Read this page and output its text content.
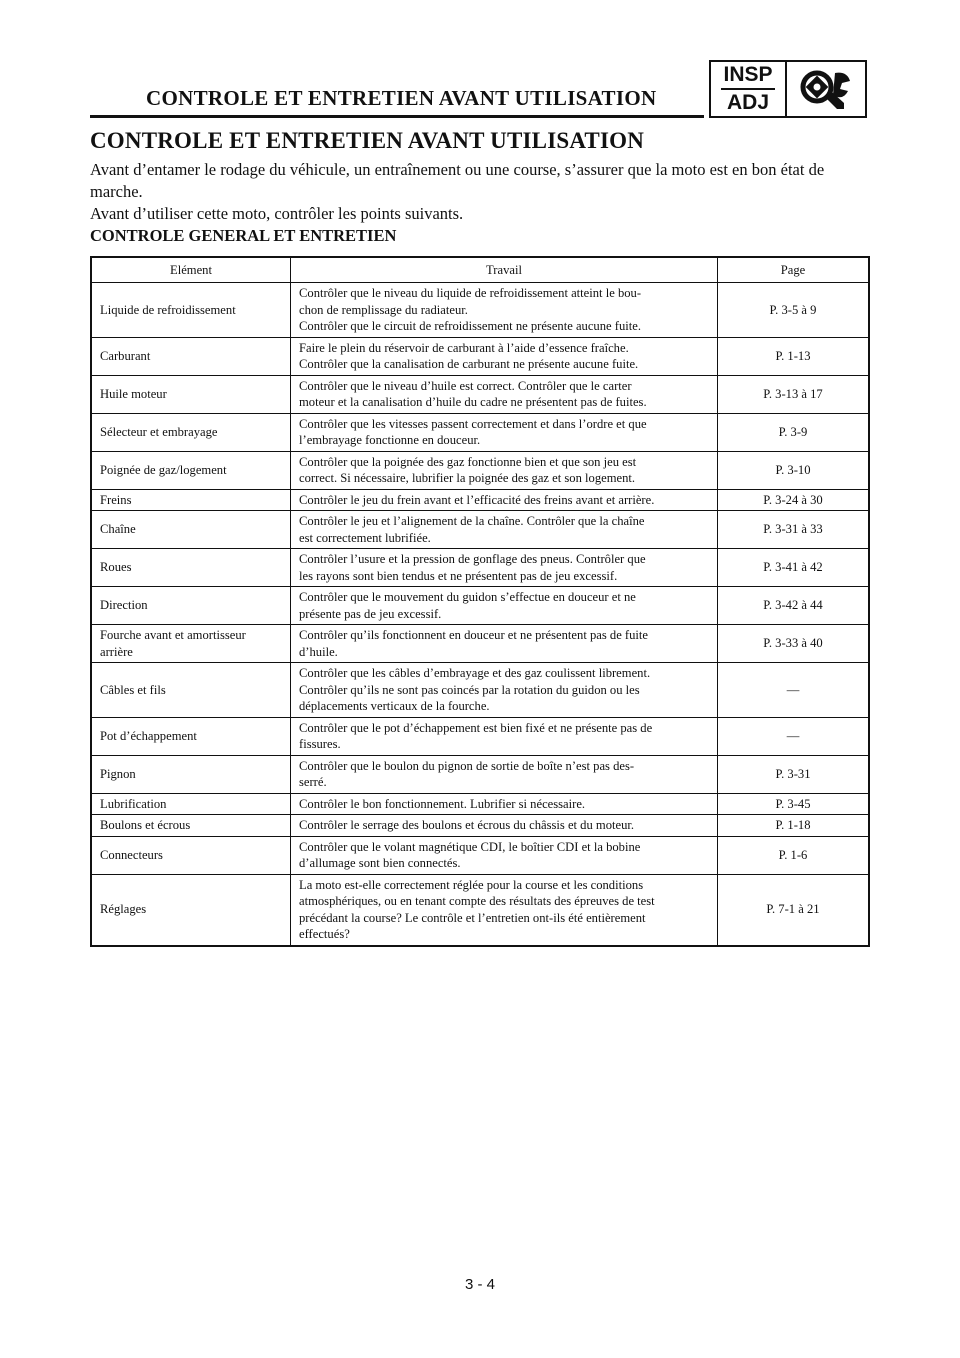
CONTROLE ET ENTRETIEN AVANT UTILISATION
INSP
ADJ
CONTROLE ET ENTRETIEN AVANT UTILISATION

Avant d’entamer le rodage du véhicule, un entraînement ou une course, s’assurer que la moto est en bon état de marche.

Avant d’utiliser cette moto, contrôler les points suivants.

CONTROLE GENERAL ET ENTRETIEN

Elément	Travail	Page
Liquide de refroidissement	Contrôler que le niveau du liquide de refroidissement atteint le bou-
chon de remplissage du radiateur.
Contrôler que le circuit de refroidissement ne présente aucune fuite.	P. 3-5 à 9
Carburant	Faire le plein du réservoir de carburant à l’aide d’essence fraîche.
Contrôler que la canalisation de carburant ne présente aucune fuite.	P. 1-13
Huile moteur	Contrôler que le niveau d’huile est correct. Contrôler que le carter
moteur et la canalisation d’huile du cadre ne présentent pas de fuites.	P. 3-13 à 17
Sélecteur et embrayage	Contrôler que les vitesses passent correctement et dans l’ordre et que
l’embrayage fonctionne en douceur.	P. 3-9
Poignée de gaz/logement	Contrôler que la poignée des gaz fonctionne bien et que son jeu est
correct. Si nécessaire, lubrifier la poignée des gaz et son logement.	P. 3-10
Freins	Contrôler le jeu du frein avant et l’efficacité des freins avant et arrière.	P. 3-24 à 30
Chaîne	Contrôler le jeu et l’alignement de la chaîne. Contrôler que la chaîne
est correctement lubrifiée.	P. 3-31 à 33
Roues	Contrôler l’usure et la pression de gonflage des pneus. Contrôler que
les rayons sont bien tendus et ne présentent pas de jeu excessif.	P. 3-41 à 42
Direction	Contrôler que le mouvement du guidon s’effectue en douceur et ne
présente pas de jeu excessif.	P. 3-42 à 44
Fourche avant et amortisseur
arrière	Contrôler qu’ils fonctionnent en douceur et ne présentent pas de fuite
d’huile.	P. 3-33 à 40
Câbles et fils	Contrôler que les câbles d’embrayage et des gaz coulissent librement.
Contrôler qu’ils ne sont pas coincés par la rotation du guidon ou les
déplacements verticaux de la fourche.	—
Pot d’échappement	Contrôler que le pot d’échappement est bien fixé et ne présente pas de
fissures.	—
Pignon	Contrôler que le boulon du pignon de sortie de boîte n’est pas des-
serré.	P. 3-31
Lubrification	Contrôler le bon fonctionnement. Lubrifier si nécessaire.	P. 3-45
Boulons et écrous	Contrôler le serrage des boulons et écrous du châssis et du moteur.	P. 1-18
Connecteurs	Contrôler que le volant magnétique CDI, le boîtier CDI et la bobine
d’allumage sont bien connectés.	P. 1-6
Réglages	La moto est-elle correctement réglée pour la course et les conditions
atmosphériques, ou en tenant compte des résultats des épreuves de test
précédant la course? Le contrôle et l’entretien ont-ils été entièrement
effectués?	P. 7-1 à 21
3 - 4
